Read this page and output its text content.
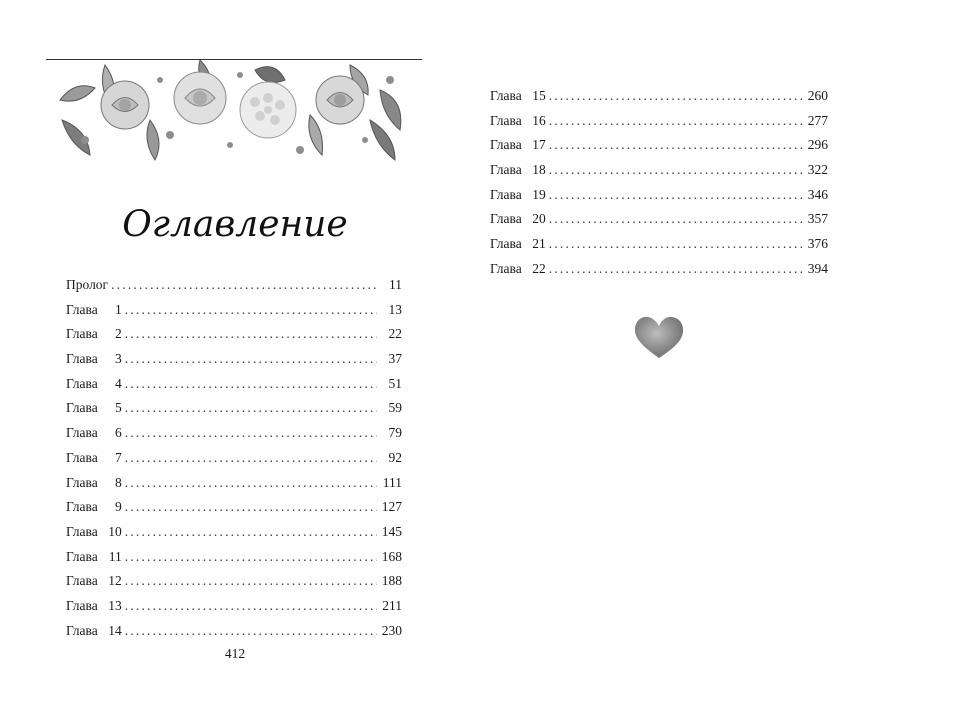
Оглавление
Пролог .....	11
Глава	1 .....	13
Глава	2 .....	22
Глава	3 .....	37
Глава	4 .....	51
Глава	5 .....	59
Глава	6 .....	79
Глава	7 .....	92
Глава	8 .....	111
Глава	9 .....	127
Глава 10 .....	145
Глава 11 .....	168
Глава 12 .....	188
Глава 13 .....	211
Глава 14 .....	230
412
Глава 15 .....	260
Глава 16 .....	277
Глава 17 .....	296
Глава 18 .....	322
Глава 19 .....	346
Глава 20 .....	357
Глава 21 .....	376
Глава 22 .....	394
